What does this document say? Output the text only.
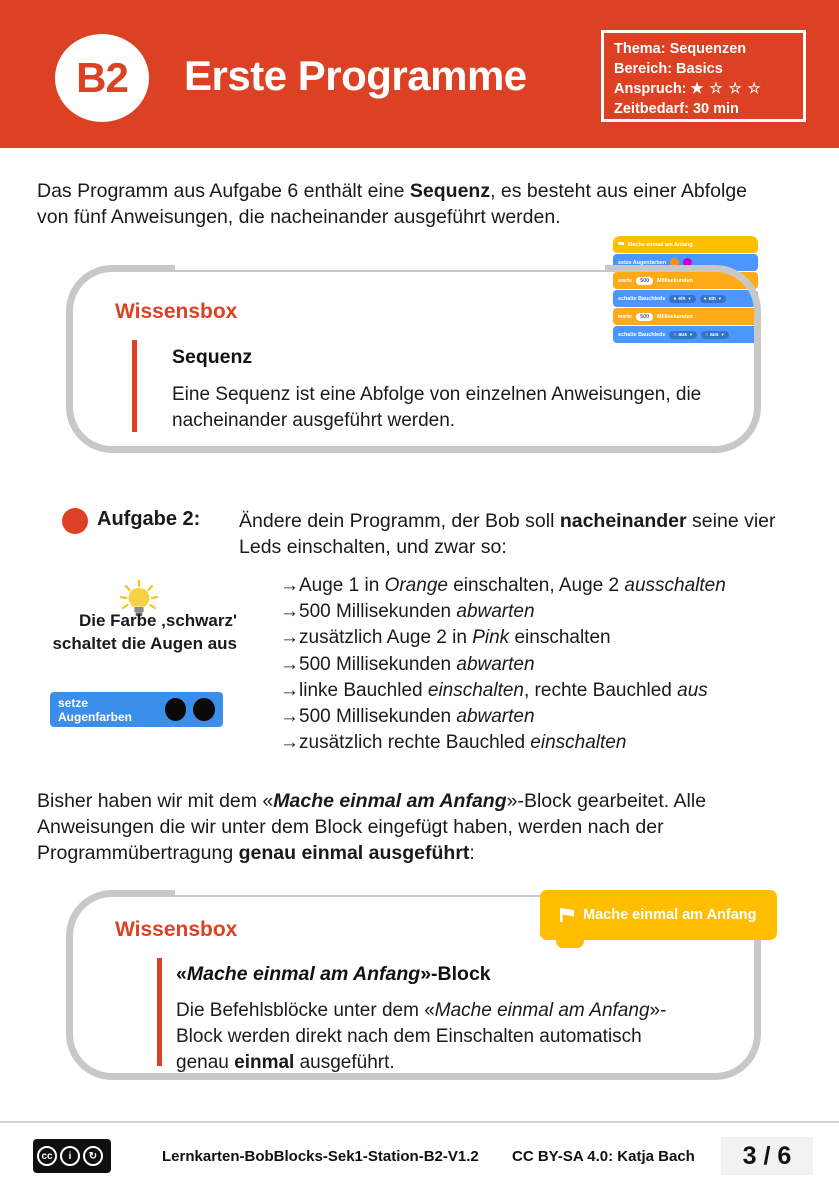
B2 Erste Programme
Thema: Sequenzen
Bereich: Basics
Anspruch: ★ ☆ ☆ ☆
Zeitbedarf: 30 min
Das Programm aus Aufgabe 6 enthält eine Sequenz, es besteht aus einer Abfolge von fünf Anweisungen, die nacheinander ausgeführt werden.
Mache einmal am Anfang
setze Augenfarben
warte	500	Millisekunden
schalte Bauchleds	● ein ▼	● ein ▼
warte	500	Millisekunden
schalte Bauchleds	○ aus ▼	○ aus ▼
Wissensbox
Sequenz
Eine Sequenz ist eine Abfolge von einzelnen Anweisungen, die nacheinander ausgeführt werden.
Aufgabe 2: Ändere dein Programm, der Bob soll nacheinander seine vier Leds einschalten, und zwar so:
→Auge 1 in Orange einschalten, Auge 2 ausschalten
→500 Millisekunden abwarten
→zusätzlich Auge 2 in Pink einschalten
→500 Millisekunden abwarten
→linke Bauchled einschalten, rechte Bauchled aus
→500 Millisekunden abwarten
→zusätzlich rechte Bauchled einschalten
Die Farbe ‚schwarz' schaltet die Augen aus
setze Augenfarben
Bisher haben wir mit dem «Mache einmal am Anfang»-Block gearbeitet. Alle Anweisungen die wir unter dem Block eingefügt haben, werden nach der Programmübertragung genau einmal ausgeführt:
Wissensbox
«Mache einmal am Anfang»-Block
Die Befehlsblöcke unter dem «Mache einmal am Anfang»-Block werden direkt nach dem Einschalten automatisch genau einmal ausgeführt.
Mache einmal am Anfang
cc	i	↻	Lernkarten-BobBlocks-Sek1-Station-B2-V1.2 CC BY-SA 4.0: Katja Bach 3 / 6
